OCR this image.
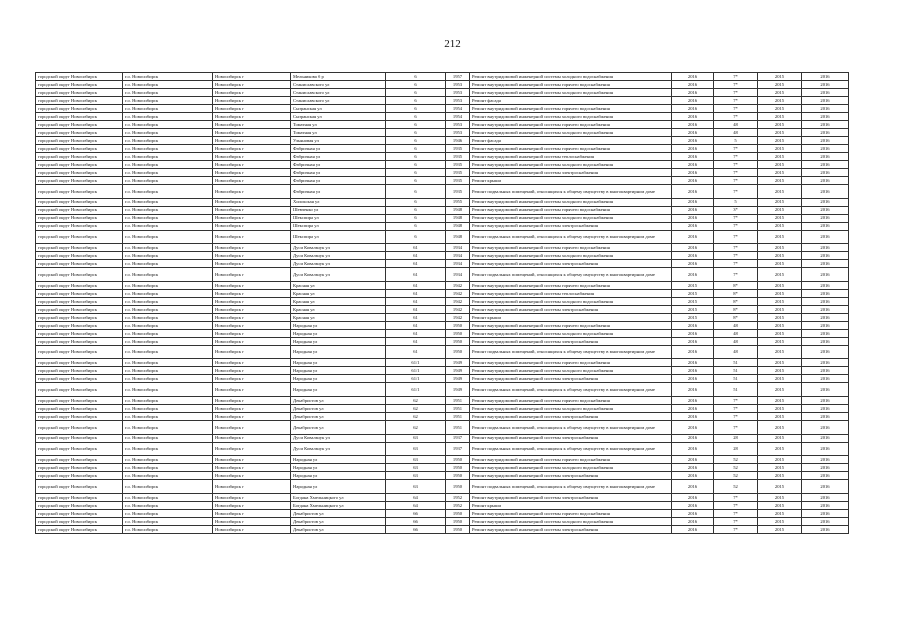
212
городской округ Новосибирск	г.о. Новосибирск	Новосибирск г	Мельникова б р	6	1957	Ремонт внутридомовой инженерной системы холодного водоснабжения	2016	7*	2015	2016
городской округ Новосибирск	г.о. Новосибирск	Новосибирск г	Станиславского ул	6	1953	Ремонт внутридомовой инженерной системы горячего водоснабжения	2016	7*	2015	2016
городской округ Новосибирск	г.о. Новосибирск	Новосибирск г	Станиславского ул	6	1953	Ремонт внутридомовой инженерной системы холодного водоснабжения	2016	7*	2015	2016
городской округ Новосибирск	г.о. Новосибирск	Новосибирск г	Станиславского ул	6	1953	Ремонт фасада	2016	7*	2015	2016
городской округ Новосибирск	г.о. Новосибирск	Новосибирск г	Сызранская ул	6	1954	Ремонт внутридомовой инженерной системы горячего водоснабжения	2016	7*	2015	2016
городской округ Новосибирск	г.о. Новосибирск	Новосибирск г	Сызранская ул	6	1954	Ремонт внутридомовой инженерной системы холодного водоснабжения	2016	7*	2015	2016
городской округ Новосибирск	г.о. Новосибирск	Новосибирск г	Томатная ул	6	1953	Ремонт внутридомовой инженерной системы горячего водоснабжения	2016	48	2015	2016
городской округ Новосибирск	г.о. Новосибирск	Новосибирск г	Томатная ул	6	1953	Ремонт внутридомовой инженерной системы холодного водоснабжения	2016	48	2015	2016
городской округ Новосибирск	г.о. Новосибирск	Новосибирск г	Ульяновая ул	6	1946	Ремонт фасада	2016	5	2015	2016
городской округ Новосибирск	г.о. Новосибирск	Новосибирск г	Фабричная ул	6	1935	Ремонт внутридомовой инженерной системы горячего водоснабжения	2016	7*	2015	2016
городской округ Новосибирск	г.о. Новосибирск	Новосибирск г	Фабричная ул	6	1935	Ремонт внутридомовой инженерной системы теплоснабжения	2016	7*	2015	2016
городской округ Новосибирск	г.о. Новосибирск	Новосибирск г	Фабричная ул	6	1935	Ремонт внутридомовой инженерной системы холодного водоснабжения	2016	7*	2015	2016
городской округ Новосибирск	г.о. Новосибирск	Новосибирск г	Фабричная ул	6	1935	Ремонт внутридомовой инженерной системы электроснабжения	2016	7*	2015	2016
городской округ Новосибирск	г.о. Новосибирск	Новосибирск г	Фабричная ул	6	1935	Ремонт крыши	2016	7*	2015	2016
городской округ Новосибирск	г.о. Новосибирск	Новосибирск г	Фабричная ул	6	1935	Ремонт подвальных помещений, относящихся к общему имуществу в многоквартирном доме	2016	7*	2015	2016
городской округ Новосибирск	г.о. Новосибирск	Новосибирск г	Хилокская ул	6	1955	Ремонт внутридомовой инженерной системы холодного водоснабжения	2016	5	2015	2016
городской округ Новосибирск	г.о. Новосибирск	Новосибирск г	Шевченко ул	6	1948	Ремонт внутридомовой инженерной системы горячего водоснабжения	2016	3*	2015	2016
городской округ Новосибирск	г.о. Новосибирск	Новосибирск г	Шекспира ул	6	1948	Ремонт внутридомовой инженерной системы холодного водоснабжения	2016	7*	2015	2016
городской округ Новосибирск	г.о. Новосибирск	Новосибирск г	Шекспира ул	6	1948	Ремонт внутридомовой инженерной системы электроснабжения	2016	7*	2015	2016
городской округ Новосибирск	г.о. Новосибирск	Новосибирск г	Шекспира ул	6	1948	Ремонт подвальных помещений, относящихся к общему имуществу в многоквартирном доме	2016	7*	2015	2016
городской округ Новосибирск	г.о. Новосибирск	Новосибирск г	Дуси Ковальчук ул	61	1934	Ремонт внутридомовой инженерной системы горячего водоснабжения	2016	7*	2015	2016
городской округ Новосибирск	г.о. Новосибирск	Новосибирск г	Дуси Ковальчук ул	61	1934	Ремонт внутридомовой инженерной системы холодного водоснабжения	2016	7*	2015	2016
городской округ Новосибирск	г.о. Новосибирск	Новосибирск г	Дуси Ковальчук ул	61	1934	Ремонт внутридомовой инженерной системы электроснабжения	2016	7*	2015	2016
городской округ Новосибирск	г.о. Новосибирск	Новосибирск г	Дуси Ковальчук ул	61	1934	Ремонт подвальных помещений, относящихся к общему имуществу в многоквартирном доме	2016	7*	2015	2016
городской округ Новосибирск	г.о. Новосибирск	Новосибирск г	Красная ул	61	1942	Ремонт внутридомовой инженерной системы горячего водоснабжения	2015	8*	2015	2016
городской округ Новосибирск	г.о. Новосибирск	Новосибирск г	Красная ул	61	1942	Ремонт внутридомовой инженерной системы теплоснабжения	2015	8*	2015	2016
городской округ Новосибирск	г.о. Новосибирск	Новосибирск г	Красная ул	61	1942	Ремонт внутридомовой инженерной системы холодного водоснабжения	2015	8*	2015	2016
городской округ Новосибирск	г.о. Новосибирск	Новосибирск г	Красная ул	61	1942	Ремонт внутридомовой инженерной системы электроснабжения	2015	8*	2015	2016
городской округ Новосибирск	г.о. Новосибирск	Новосибирск г	Красная ул	61	1942	Ремонт крыши	2015	8*	2015	2016
городской округ Новосибирск	г.о. Новосибирск	Новосибирск г	Народная ул	61	1950	Ремонт внутридомовой инженерной системы горячего водоснабжения	2016	48	2015	2016
городской округ Новосибирск	г.о. Новосибирск	Новосибирск г	Народная ул	61	1950	Ремонт внутридомовой инженерной системы холодного водоснабжения	2016	48	2015	2016
городской округ Новосибирск	г.о. Новосибирск	Новосибирск г	Народная ул	61	1950	Ремонт внутридомовой инженерной системы электроснабжения	2016	48	2015	2016
городской округ Новосибирск	г.о. Новосибирск	Новосибирск г	Народная ул	61	1950	Ремонт подвальных помещений, относящихся к общему имуществу в многоквартирном доме	2016	48	2015	2016
городской округ Новосибирск	г.о. Новосибирск	Новосибирск г	Народная ул	61/1	1949	Ремонт внутридомовой инженерной системы горячего водоснабжения	2016	51	2015	2016
городской округ Новосибирск	г.о. Новосибирск	Новосибирск г	Народная ул	61/1	1949	Ремонт внутридомовой инженерной системы холодного водоснабжения	2016	51	2015	2016
городской округ Новосибирск	г.о. Новосибирск	Новосибирск г	Народная ул	61/1	1949	Ремонт внутридомовой инженерной системы электроснабжения	2016	51	2015	2016
городской округ Новосибирск	г.о. Новосибирск	Новосибирск г	Народная ул	61/1	1949	Ремонт подвальных помещений, относящихся к общему имуществу в многоквартирном доме	2016	51	2015	2016
городской округ Новосибирск	г.о. Новосибирск	Новосибирск г	Декабристов ул	62	1951	Ремонт внутридомовой инженерной системы горячего водоснабжения	2016	7*	2015	2016
городской округ Новосибирск	г.о. Новосибирск	Новосибирск г	Декабристов ул	62	1951	Ремонт внутридомовой инженерной системы холодного водоснабжения	2016	7*	2015	2016
городской округ Новосибирск	г.о. Новосибирск	Новосибирск г	Декабристов ул	62	1951	Ремонт внутридомовой инженерной системы электроснабжения	2016	7*	2015	2016
городской округ Новосибирск	г.о. Новосибирск	Новосибирск г	Декабристов ул	62	1951	Ремонт подвальных помещений, относящихся к общему имуществу в многоквартирном доме	2016	7*	2015	2016
городской округ Новосибирск	г.о. Новосибирск	Новосибирск г	Дуси Ковальчук ул	63	1937	Ремонт внутридомовой инженерной системы электроснабжения	2016	28	2015	2016
городской округ Новосибирск	г.о. Новосибирск	Новосибирск г	Дуси Ковальчук ул	63	1937	Ремонт подвальных помещений, относящихся к общему имуществу в многоквартирном доме	2016	28	2015	2016
городской округ Новосибирск	г.о. Новосибирск	Новосибирск г	Народная ул	63	1950	Ремонт внутридомовой инженерной системы горячего водоснабжения	2016	52	2015	2016
городской округ Новосибирск	г.о. Новосибирск	Новосибирск г	Народная ул	63	1950	Ремонт внутридомовой инженерной системы холодного водоснабжения	2016	52	2015	2016
городской округ Новосибирск	г.о. Новосибирск	Новосибирск г	Народная ул	63	1950	Ремонт внутридомовой инженерной системы электроснабжения	2016	52	2015	2016
городской округ Новосибирск	г.о. Новосибирск	Новосибирск г	Народная ул	63	1950	Ремонт подвальных помещений, относящихся к общему имуществу в многоквартирном доме	2016	52	2015	2016
городской округ Новосибирск	г.о. Новосибирск	Новосибирск г	Богдана Хмельницкого ул	64	1952	Ремонт внутридомовой инженерной системы электроснабжения	2016	7*	2015	2016
городской округ Новосибирск	г.о. Новосибирск	Новосибирск г	Богдана Хмельницкого ул	64	1952	Ремонт крыши	2016	7*	2015	2016
городской округ Новосибирск	г.о. Новосибирск	Новосибирск г	Декабристов ул	66	1950	Ремонт внутридомовой инженерной системы горячего водоснабжения	2016	7*	2015	2016
городской округ Новосибирск	г.о. Новосибирск	Новосибирск г	Декабристов ул	66	1950	Ремонт внутридомовой инженерной системы холодного водоснабжения	2016	7*	2015	2016
городской округ Новосибирск	г.о. Новосибирск	Новосибирск г	Декабристов ул	66	1950	Ремонт внутридомовой инженерной системы электроснабжения	2016	7*	2015	2016
